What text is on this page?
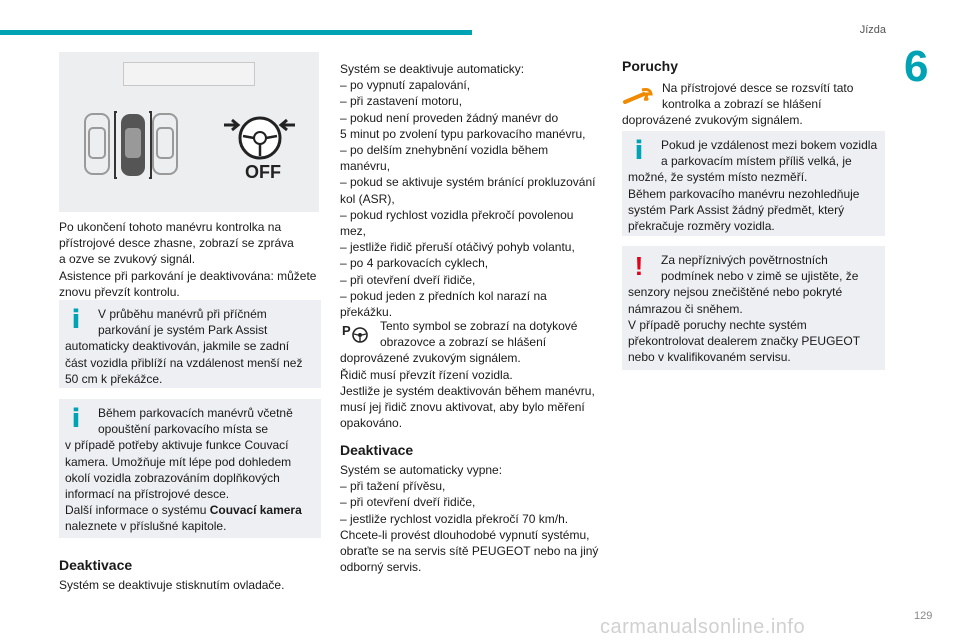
Jízda
6
OFF

Po ukončení tohoto manévru kontrolka na

přístrojové desce zhasne, zobrazí se zpráva

a ozve se zvukový signál.

Asistence při parkování je deaktivována: můžete

znovu převzít kontrolu.

i	V průběhu manévrů při příčném

parkování je systém Park Assist

automaticky deaktivován, jakmile se zadní

část vozidla přiblíží na vzdálenost menší než

50 cm k překážce.

i	Během parkovacích manévrů včetně

opouštění parkovacího místa se

v případě potřeby aktivuje funkce Couvací

kamera. Umožňuje mít lépe pod dohledem

okolí vozidla zobrazováním doplňkových

informací na přístrojové desce.

Další informace o systému Couvací kamera

naleznete v příslušné kapitole.

Deaktivace

Systém se deaktivuje stisknutím ovladače.

Systém se deaktivuje automaticky:

– po vypnutí zapalování,

– při zastavení motoru,

– pokud není proveden žádný manévr do

5 minut po zvolení typu parkovacího manévru,

– po delším znehybnění vozidla během

manévru,

– pokud se aktivuje systém bránící prokluzování

kol (ASR),

– pokud rychlost vozidla překročí povolenou

mez,

– jestliže řidič přeruší otáčivý pohyb volantu,

– po 4 parkovacích cyklech,

– při otevření dveří řidiče,

– pokud jeden z předních kol narazí na

překážku.

P Tento symbol se zobrazí na dotykové

obrazovce a zobrazí se hlášení

doprovázené zvukovým signálem.

Řidič musí převzít řízení vozidla.

Jestliže je systém deaktivován během manévru,

musí jej řidič znovu aktivovat, aby bylo měření

opakováno.

Deaktivace

Systém se automaticky vypne:

– při tažení přívěsu,

– při otevření dveří řidiče,

– jestliže rychlost vozidla překročí 70 km/h.

Chcete-li provést dlouhodobé vypnutí systému,

obraťte se na servis sítě PEUGEOT nebo na jiný

odborný servis.

Poruchy

Na přístrojové desce se rozsvítí tato

kontrolka a zobrazí se hlášení

doprovázené zvukovým signálem.

i	Pokud je vzdálenost mezi bokem vozidla

a parkovacím místem příliš velká, je

možné, že systém místo nezměří.

Během parkovacího manévru nezohledňuje

systém Park Assist žádný předmět, který

překračuje rozměry vozidla.

!	Za nepříznivých povětrnostních

podmínek nebo v zimě se ujistěte, že

senzory nejsou znečištěné nebo pokryté

námrazou či sněhem.

V případě poruchy nechte systém

překontrolovat dealerem značky PEUGEOT

nebo v kvalifikovaném servisu.

129
carmanualsonline.info
